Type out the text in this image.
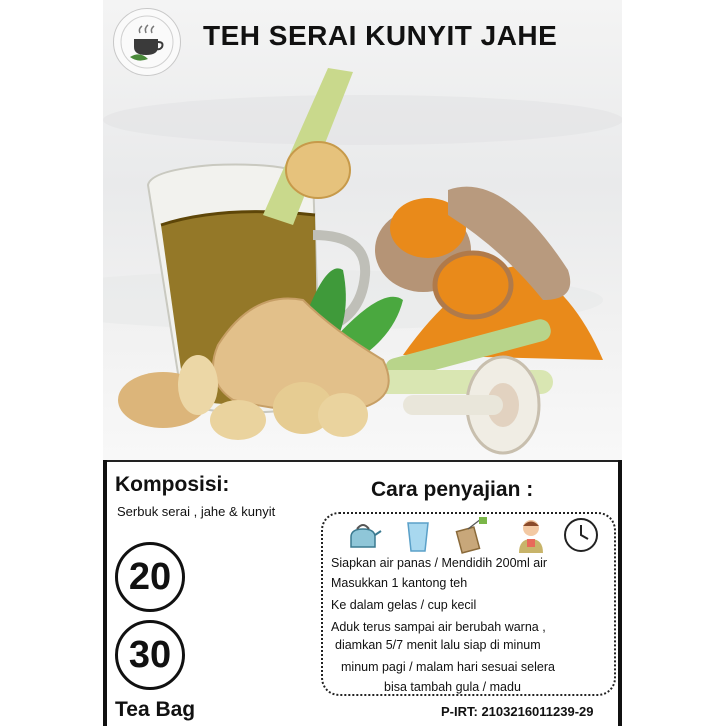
TEH SERAI KUNYIT JAHE
Komposisi:
Serbuk serai , jahe & kunyit
20
30
Tea Bag
Cara penyajian :
Siapkan air panas / Mendidih 200ml air
Masukkan 1 kantong teh
Ke dalam gelas / cup kecil
Aduk terus sampai air berubah warna ,
diamkan 5/7 menit lalu siap di minum
minum pagi / malam hari sesuai selera
bisa tambah gula / madu
P-IRT: 2103216011239-29
